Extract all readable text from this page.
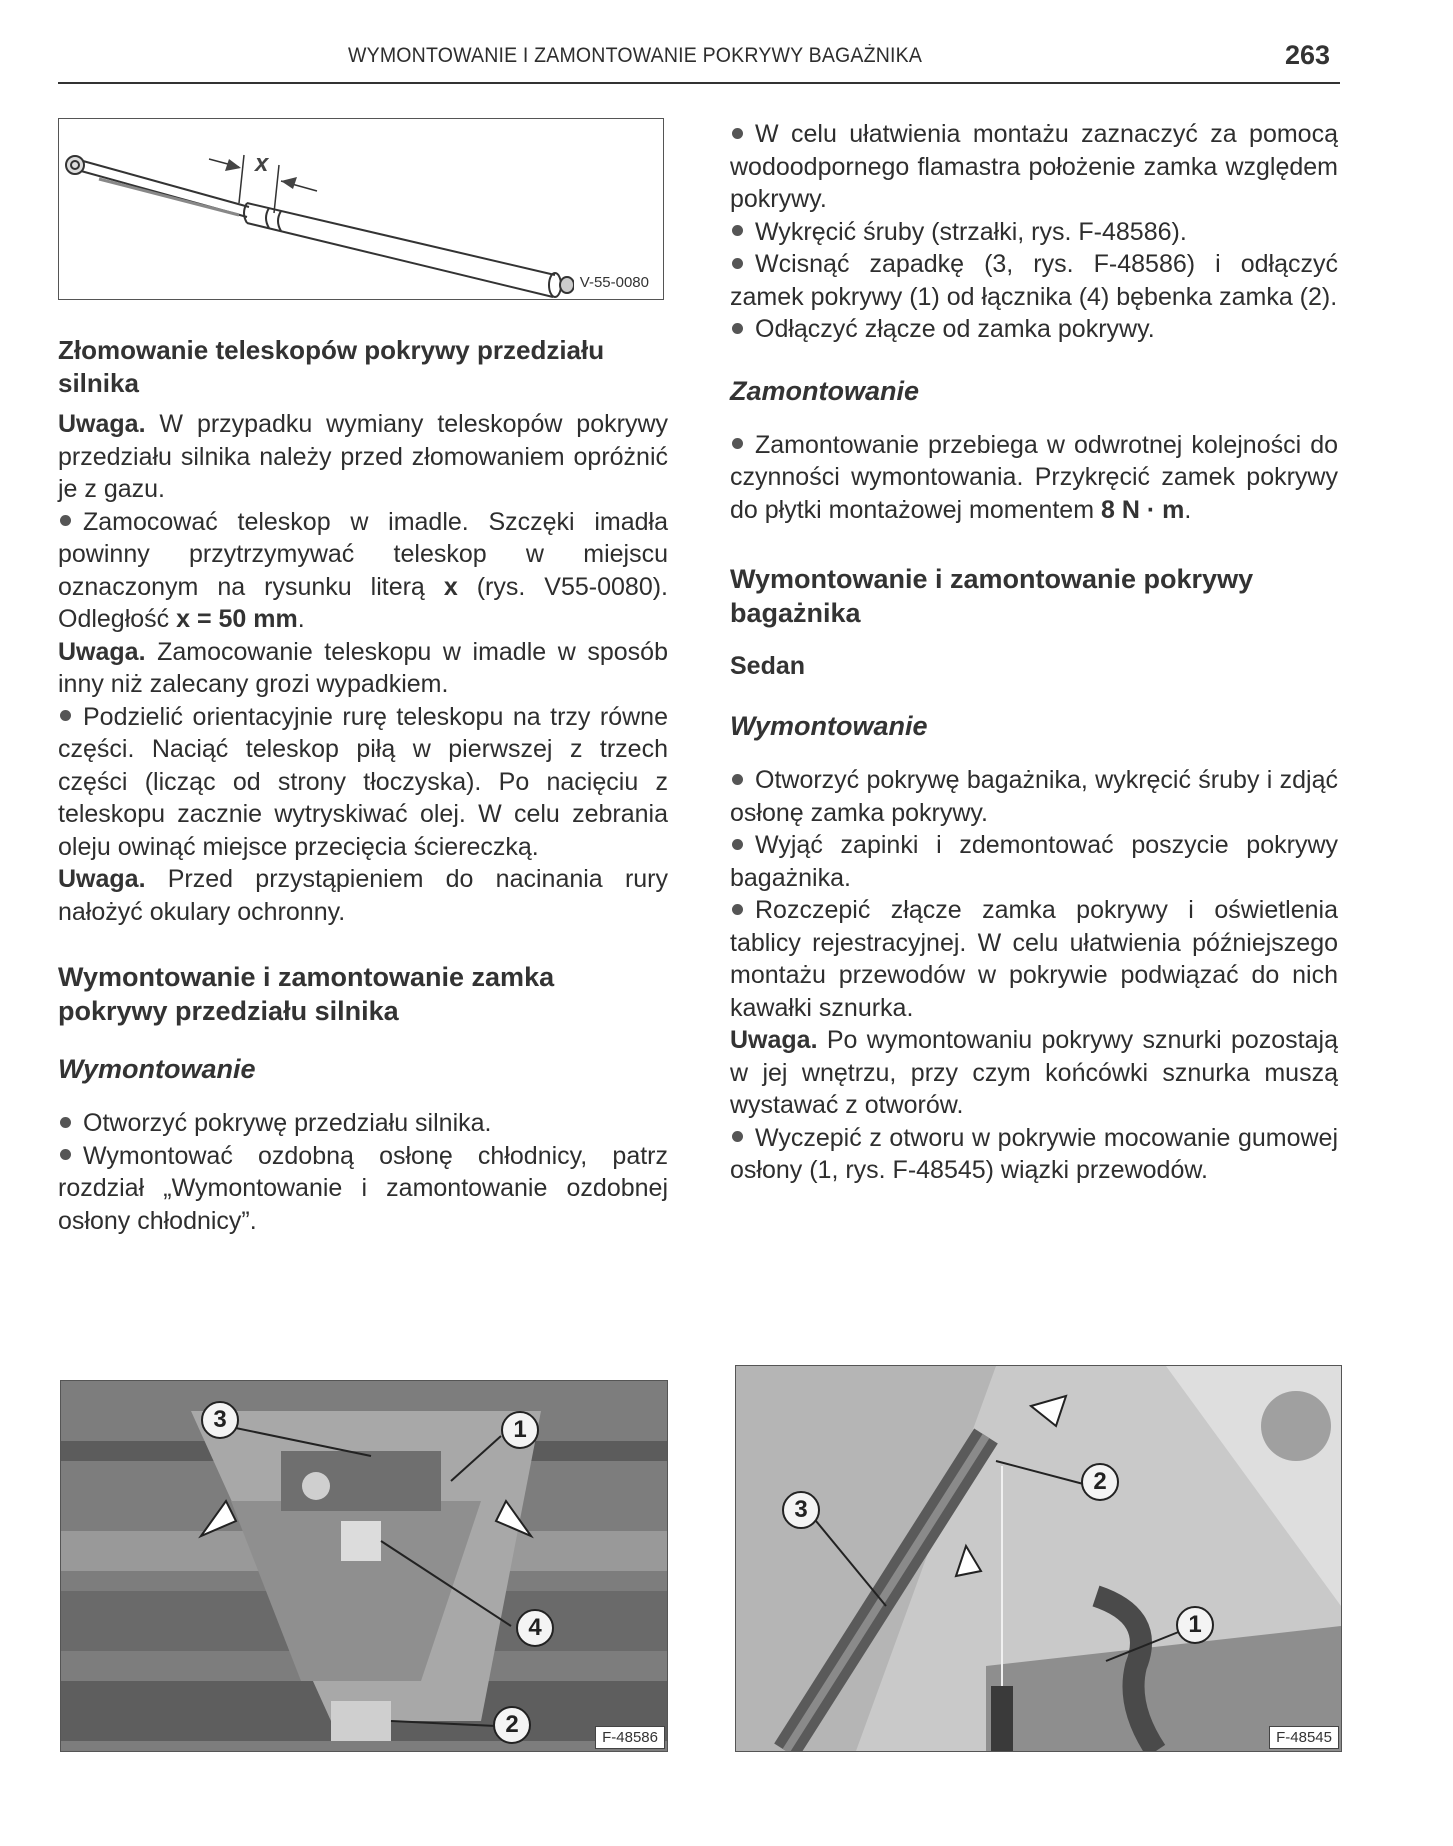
WYMONTOWANIE I ZAMONTOWANIE POKRYWY BAGAŻNIKA	263
x
V-55-0080
Złomowanie teleskopów pokrywy przedziału silnika

Uwaga. W przypadku wymiany teleskopów pokrywy przedziału silnika należy przed złomowaniem opróżnić je z gazu.

Zamocować teleskop w imadle. Szczęki imadła powinny przytrzymywać teleskop w miejscu oznaczonym na rysunku literą x (rys. V55-0080). Odległość x = 50 mm.

Uwaga. Zamocowanie teleskopu w imadle w sposób inny niż zalecany grozi wypadkiem.

Podzielić orientacyjnie rurę teleskopu na trzy równe części. Naciąć teleskop piłą w pierwszej z trzech części (licząc od strony tłoczyska). Po nacięciu z teleskopu zacznie wytryskiwać olej. W celu zebrania oleju owinąć miejsce przecięcia ściereczką.

Uwaga. Przed przystąpieniem do nacinania rury nałożyć okulary ochronny.

Wymontowanie i zamontowanie zamka pokrywy przedziału silnika
Wymontowanie

Otworzyć pokrywę przedziału silnika.

Wymontować ozdobną osłonę chłodnicy, patrz rozdział „Wymontowanie i zamontowanie ozdobnej osłony chłodnicy”.

W celu ułatwienia montażu zaznaczyć za pomocą wodoodpornego flamastra położenie zamka względem pokrywy.

Wykręcić śruby (strzałki, rys. F-48586).

Wcisnąć zapadkę (3, rys. F-48586) i odłączyć zamek pokrywy (1) od łącznika (4) bębenka zamka (2).

Odłączyć złącze od zamka pokrywy.

Zamontowanie

Zamontowanie przebiega w odwrotnej kolejności do czynności wymontowania. Przykręcić zamek pokrywy do płytki montażowej momentem 8 N · m.

Wymontowanie i zamontowanie pokrywy bagażnika
Sedan
Wymontowanie

Otworzyć pokrywę bagażnika, wykręcić śruby i zdjąć osłonę zamka pokrywy.

Wyjąć zapinki i zdemontować poszycie pokrywy bagażnika.

Rozczepić złącze zamka pokrywy i oświetlenia tablicy rejestracyjnej. W celu ułatwienia późniejszego montażu przewodów w pokrywie podwiązać do nich kawałki sznurka.

Uwaga. Po wymontowaniu pokrywy sznurki pozostają w jej wnętrzu, przy czym końcówki sznurka muszą wystawać z otworów.

Wyczepić z otworu w pokrywie mocowanie gumowej osłony (1, rys. F-48545) wiązki przewodów.

3	1
4
2	F-48586
3
2
1
F-48545
